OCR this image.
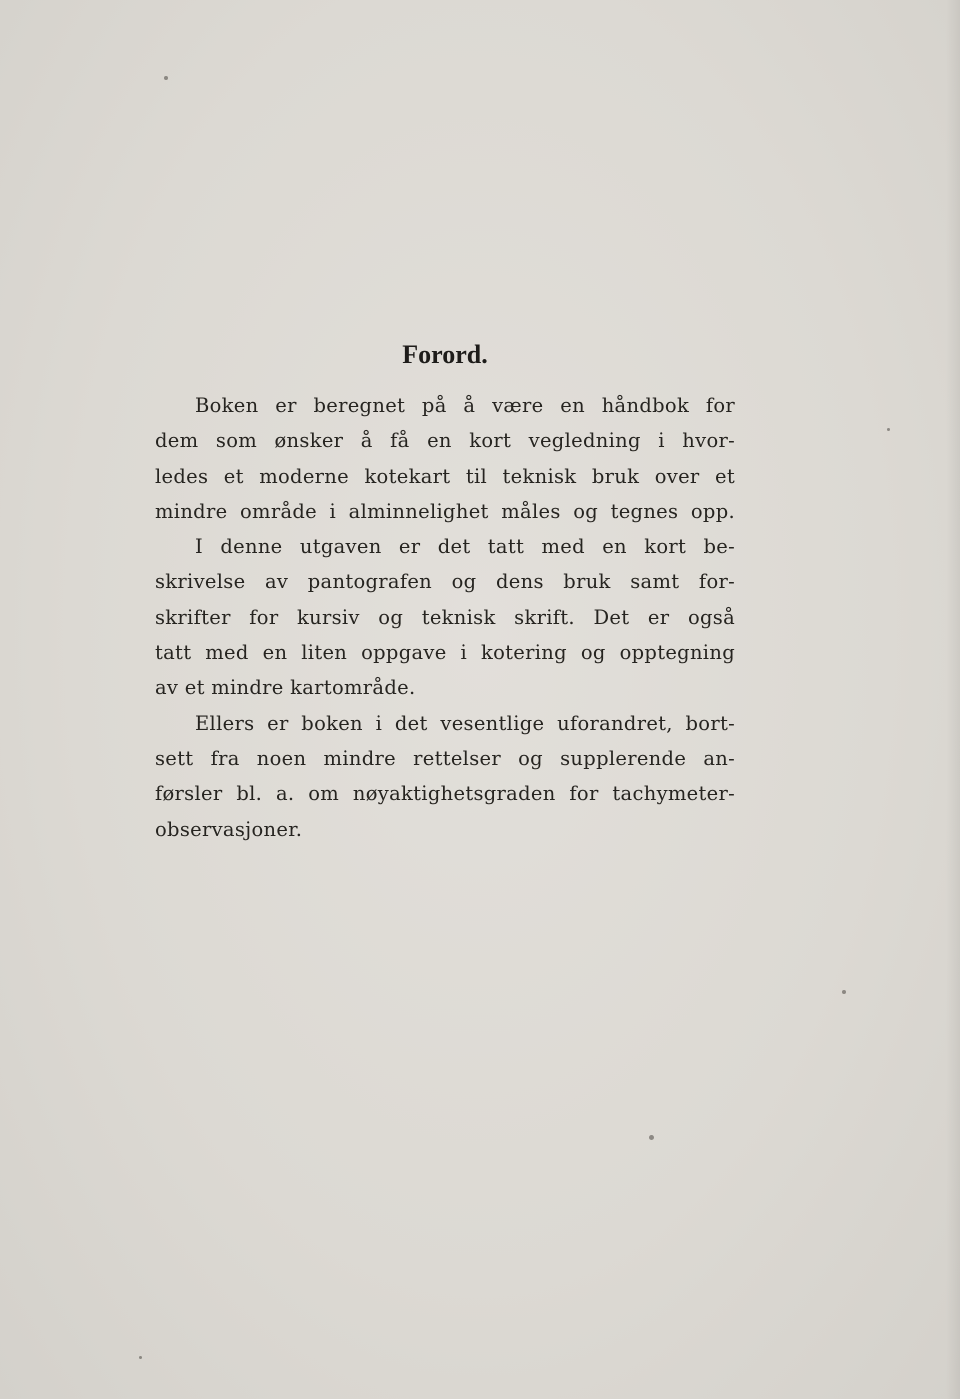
Forord.
Boken er beregnet på å være en håndbok for
dem som ønsker å få en kort vegledning i hvor-
ledes et moderne kotekart til teknisk bruk over et
mindre område i alminnelighet måles og tegnes opp.
I denne utgaven er det tatt med en kort be-
skrivelse av pantografen og dens bruk samt for-
skrifter for kursiv og teknisk skrift. Det er også
tatt med en liten oppgave i kotering og opptegning
av et mindre kartområde.
Ellers er boken i det vesentlige uforandret, bort-
sett fra noen mindre rettelser og supplerende an-
førsler bl. a. om nøyaktighetsgraden for tachymeter-
observasjoner.
